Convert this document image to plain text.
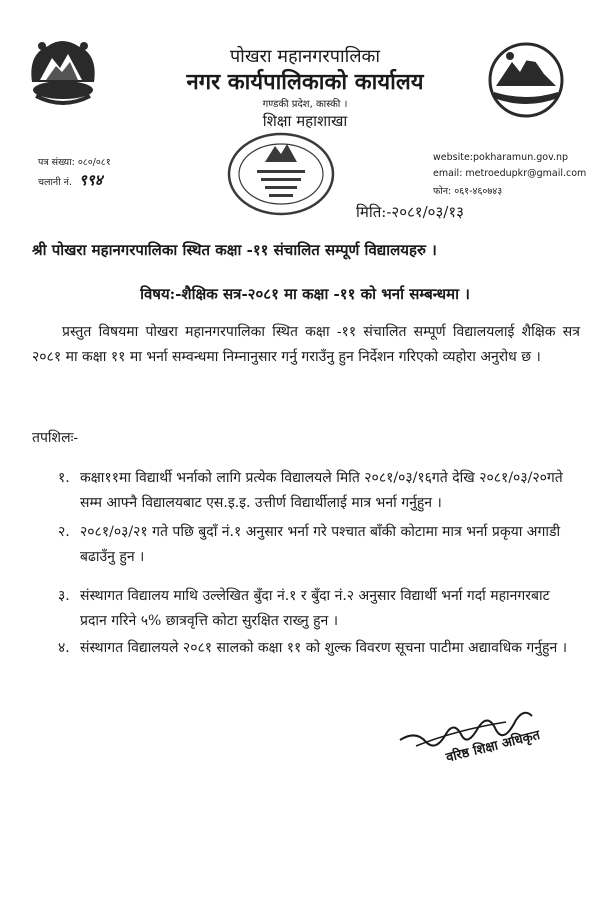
पोखरा महानगरपालिका
नगर कार्यपालिकाको कार्यालय
गण्डकी प्रदेश, कास्की ।
शिक्षा महाशाखा
पत्र संख्या: ०८०/०८१
चलानी नं. ९९४
website:pokharamun.gov.np
email: metroedupkr@gmail.com
फोन: ०६१-४६०७४३
मिति:-२०८१/०३/१३
श्री पोखरा महानगरपालिका स्थित कक्षा -११ संचालित सम्पूर्ण विद्यालयहरु ।
विषय:-शैक्षिक सत्र-२०८१ मा कक्षा -११ को भर्ना सम्बन्धमा ।
प्रस्तुत विषयमा पोखरा महानगरपालिका स्थित कक्षा -११ संचालित सम्पूर्ण विद्यालयलाई शैक्षिक सत्र २०८१ मा कक्षा ११ मा भर्ना सम्वन्धमा निम्नानुसार गर्नु गराउँनु हुन निर्देशन गरिएको व्यहोरा अनुरोध छ ।
तपशिलः-
१. कक्षा११मा विद्यार्थी भर्नाको लागि प्रत्येक विद्यालयले मिति २०८१/०३/१६गते देखि २०८१/०३/२०गते सम्म आफ्नै विद्यालयबाट एस.इ.इ. उत्तीर्ण विद्यार्थीलाई मात्र भर्ना गर्नुहुन ।
२. २०८१/०३/२१ गते पछि बुदाँ नं.१ अनुसार भर्ना गरे पश्चात बाँकी कोटामा मात्र भर्ना प्रकृया अगाडी बढाउँनु हुन ।
३. संस्थागत विद्यालय माथि उल्लेखित बुँदा नं.१ र बुँदा नं.२ अनुसार विद्यार्थी भर्ना गर्दा महानगरबाट प्रदान गरिने ५% छात्रवृत्ति कोटा सुरक्षित राख्नु हुन ।
४. संस्थागत विद्यालयले २०८१ सालको कक्षा ११ को शुल्क विवरण सूचना पाटीमा अद्यावधिक गर्नुहुन ।
वरिष्ठ शिक्षा अधिकृत
